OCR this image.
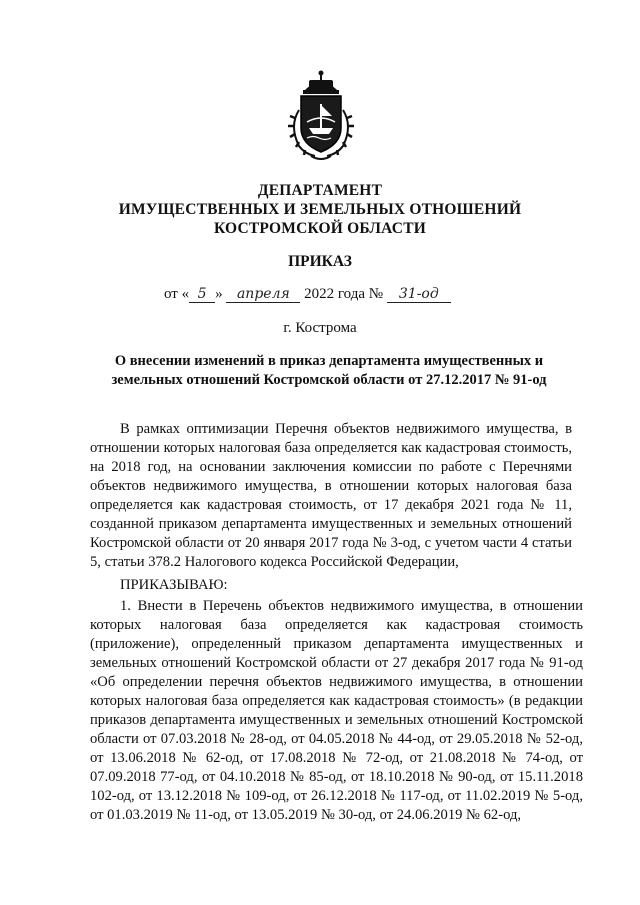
ДЕПАРТАМЕНТ
ИМУЩЕСТВЕННЫХ И ЗЕМЕЛЬНЫХ ОТНОШЕНИЙ
КОСТРОМСКОЙ ОБЛАСТИ
ПРИКАЗ
от « 5 » апреля 2022 года № 31-од
г. Кострома
О внесении изменений в приказ департамента имущественных и земельных отношений Костромской области от 27.12.2017 № 91-од
В рамках оптимизации Перечня объектов недвижимого имущества, в отношении которых налоговая база определяется как кадастровая стоимость, на 2018 год, на основании заключения комиссии по работе с Перечнями объектов недвижимого имущества, в отношении которых налоговая база определяется как кадастровая стоимость, от 17 декабря 2021 года № 11, созданной приказом департамента имущественных и земельных отношений Костромской области от 20 января 2017 года № 3-од, с учетом части 4 статьи 5, статьи 378.2 Налогового кодекса Российской Федерации,
ПРИКАЗЫВАЮ:
1. Внести в Перечень объектов недвижимого имущества, в отношении которых налоговая база определяется как кадастровая стоимость (приложение), определенный приказом департамента имущественных и земельных отношений Костромской области от 27 декабря 2017 года № 91-од «Об определении перечня объектов недвижимого имущества, в отношении которых налоговая база определяется как кадастровая стоимость» (в редакции приказов департамента имущественных и земельных отношений Костромской области от 07.03.2018 № 28-од, от 04.05.2018 № 44-од, от 29.05.2018 № 52-од, от 13.06.2018 № 62-од, от 17.08.2018 № 72-од, от 21.08.2018 № 74-од, от 07.09.2018 77-од, от 04.10.2018 № 85-од, от 18.10.2018 № 90-од, от 15.11.2018 102-од, от 13.12.2018 № 109-од, от 26.12.2018 № 117-од, от 11.02.2019 № 5-од, от 01.03.2019 № 11-од, от 13.05.2019 № 30-од, от 24.06.2019 № 62-од,
